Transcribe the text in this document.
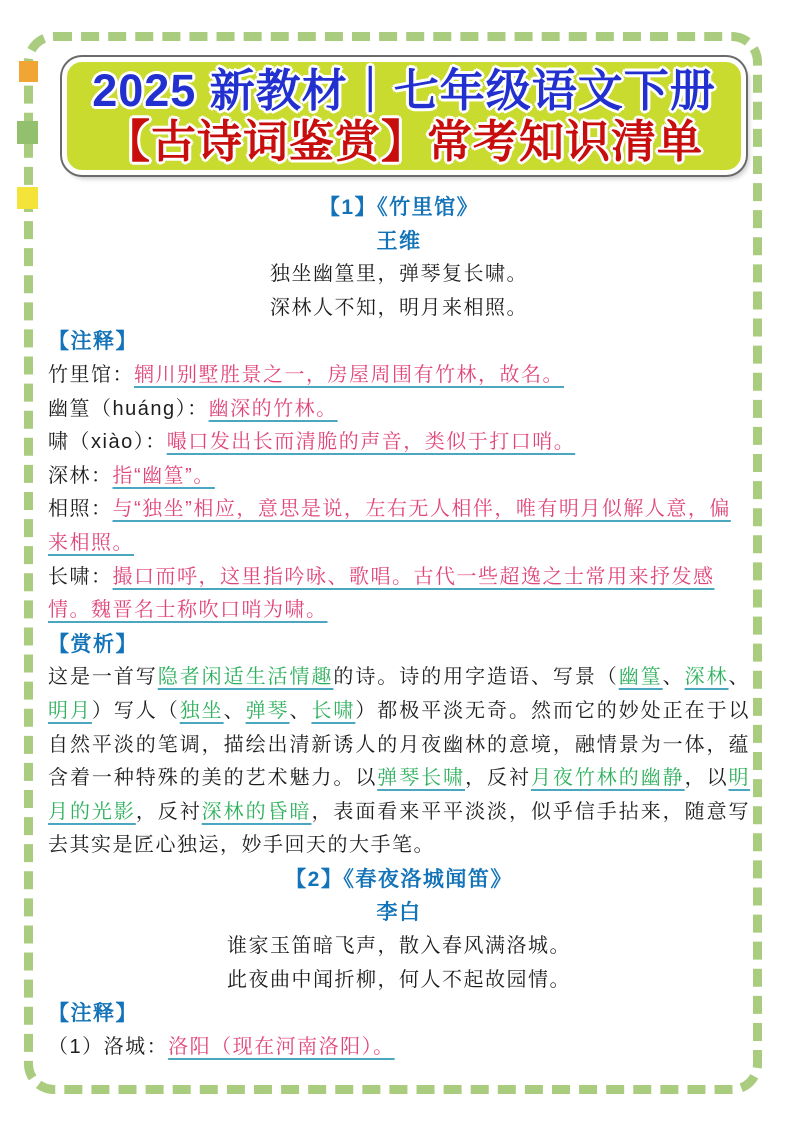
2025 新教材｜七年级语文下册
【古诗词鉴赏】常考知识清单
【1】《竹里馆》
王维
独坐幽篁里，弹琴复长啸。
深林人不知，明月来相照。
【注释】
竹里馆：辋川别墅胜景之一，房屋周围有竹林，故名。
幽篁（huáng）：幽深的竹林。
啸（xiào）：嘬口发出长而清脆的声音，类似于打口哨。
深林：指“幽篁”。
相照：与“独坐”相应，意思是说，左右无人相伴，唯有明月似解人意，偏来相照。
长啸：撮口而呼，这里指吟咏、歌唱。古代一些超逸之士常用来抒发感情。魏晋名士称吹口哨为啸。
【赏析】
这是一首写隐者闲适生活情趣的诗。诗的用字造语、写景（幽篁、深林、明月）写人（独坐、弹琴、长啸）都极平淡无奇。然而它的妙处正在于以自然平淡的笔调，描绘出清新诱人的月夜幽林的意境，融情景为一体，蕴含着一种特殊的美的艺术魅力。以弹琴长啸，反衬月夜竹林的幽静，以明月的光影，反衬深林的昏暗，表面看来平平淡淡，似乎信手拈来，随意写去其实是匠心独运，妙手回天的大手笔。
【2】《春夜洛城闻笛》
李白
谁家玉笛暗飞声，散入春风满洛城。
此夜曲中闻折柳，何人不起故园情。
【注释】
（1）洛城：洛阳（现在河南洛阳）。
